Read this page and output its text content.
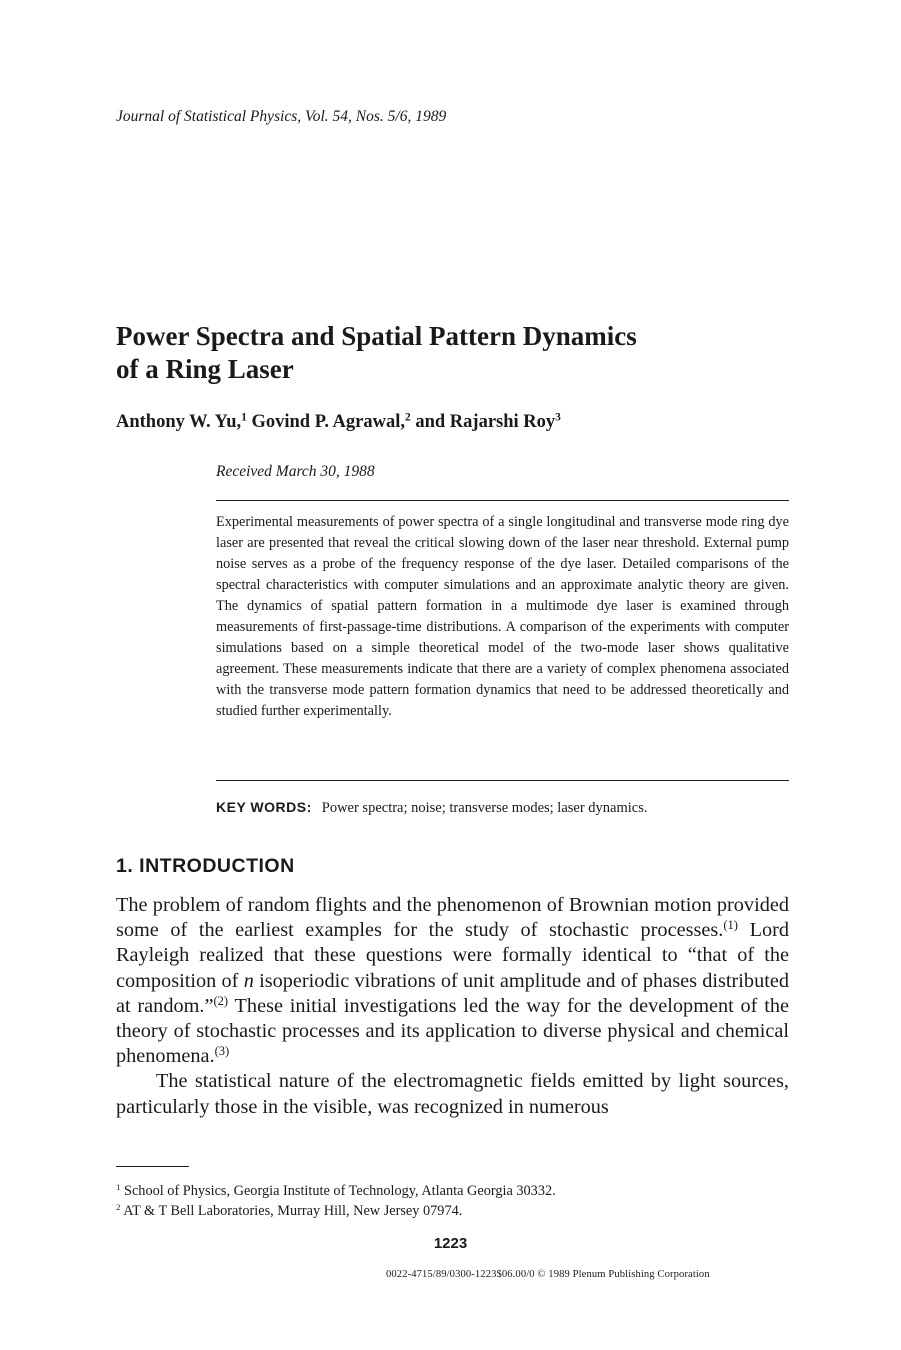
Journal of Statistical Physics, Vol. 54, Nos. 5/6, 1989
Power Spectra and Spatial Pattern Dynamics
of a Ring Laser
Anthony W. Yu,$^1$ Govind P. Agrawal,$^2$ and Rajarshi Roy$^3$
Received March 30, 1988
Experimental measurements of power spectra of a single longitudinal and transverse mode ring dye laser are presented that reveal the critical slowing down of the laser near threshold. External pump noise serves as a probe of the frequency response of the dye laser. Detailed comparisons of the spectral characteristics with computer simulations and an approximate analytic theory are given. The dynamics of spatial pattern formation in a multimode dye laser is examined through measurements of first-passage-time distributions. A comparison of the experiments with computer simulations based on a simple theoretical model of the two-mode laser shows qualitative agreement. These measurements indicate that there are a variety of complex phenomena associated with the transverse mode pattern formation dynamics that need to be addressed theoretically and studied further experimentally.
KEY WORDS: Power spectra; noise; transverse modes; laser dynamics.
1. INTRODUCTION

The problem of random flights and the phenomenon of Brownian motion provided some of the earliest examples for the study of stochastic processes.$^{(1)}$ Lord Rayleigh realized that these questions were formally identical to “that of the composition of n isoperiodic vibrations of unit amplitude and of phases distributed at random.”$^{(2)}$ These initial investigations led the way for the development of the theory of stochastic processes and its application to diverse physical and chemical phenomena.$^{(3)}$

The statistical nature of the electromagnetic fields emitted by light sources, particularly those in the visible, was recognized in numerous

$^1$ School of Physics, Georgia Institute of Technology, Atlanta Georgia 30332.
$^2$ AT & T Bell Laboratories, Murray Hill, New Jersey 07974.
1223
0022-4715/89/0300-1223$06.00/0 © 1989 Plenum Publishing Corporation
